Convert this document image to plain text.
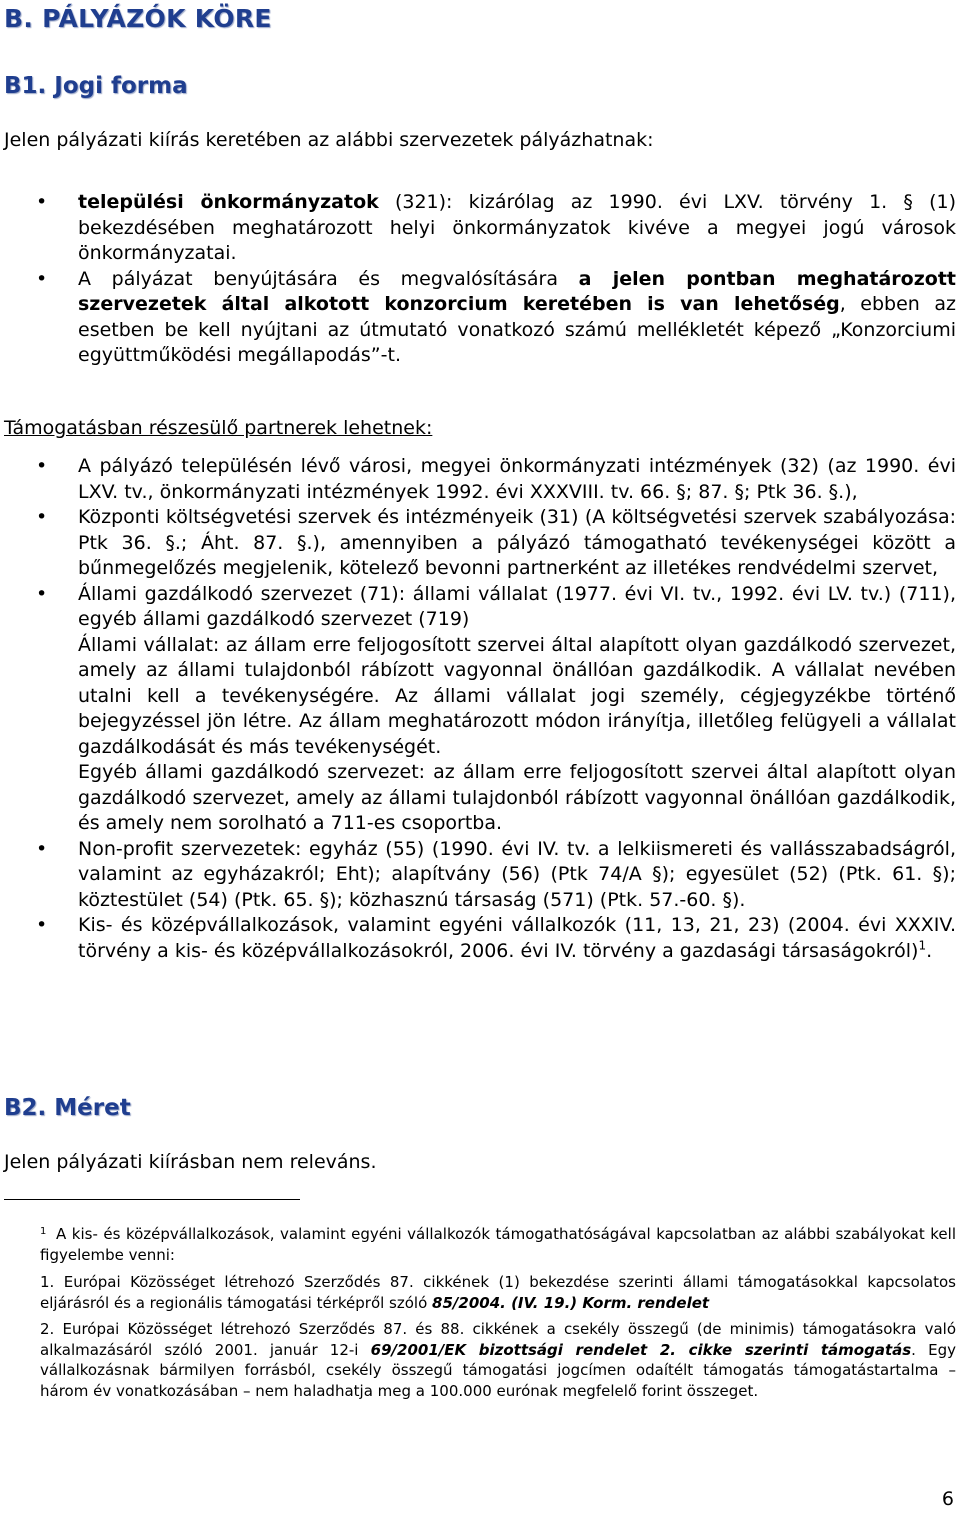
B. PÁLYÁZÓK KÖRE
B1. Jogi forma
Jelen pályázati kiírás keretében az alábbi szervezetek pályázhatnak:
• települési önkormányzatok (321): kizárólag az 1990. évi LXV. törvény 1. § (1) bekezdésében meghatározott helyi önkormányzatok kivéve a megyei jogú városok önkormányzatai.
• A pályázat benyújtására és megvalósítására a jelen pontban meghatározott szervezetek által alkotott konzorcium keretében is van lehetőség, ebben az esetben be kell nyújtani az útmutató vonatkozó számú mellékletét képező „Konzorciumi együttműködési megállapodás”-t.
Támogatásban részesülő partnerek lehetnek:
• A pályázó településén lévő városi, megyei önkormányzati intézmények (32) (az 1990. évi LXV. tv., önkormányzati intézmények 1992. évi XXXVIII. tv. 66. §; 87. §; Ptk 36. §.),
• Központi költségvetési szervek és intézményeik (31) (A költségvetési szervek szabályozása: Ptk 36. §.; Áht. 87. §.), amennyiben a pályázó támogatható tevékenységei között a bűnmegelőzés megjelenik, kötelező bevonni partnerként az illetékes rendvédelmi szervet,
• Állami gazdálkodó szervezet (71): állami vállalat (1977. évi VI. tv., 1992. évi LV. tv.) (711), egyéb állami gazdálkodó szervezet (719)
Állami vállalat: az állam erre feljogosított szervei által alapított olyan gazdálkodó szervezet, amely az állami tulajdonból rábízott vagyonnal önállóan gazdálkodik. A vállalat nevében utalni kell a tevékenységére. Az állami vállalat jogi személy, cégjegyzékbe történő bejegyzéssel jön létre. Az állam meghatározott módon irányítja, illetőleg felügyeli a vállalat gazdálkodását és más tevékenységét.
Egyéb állami gazdálkodó szervezet: az állam erre feljogosított szervei által alapított olyan gazdálkodó szervezet, amely az állami tulajdonból rábízott vagyonnal önállóan gazdálkodik, és amely nem sorolható a 711-es csoportba.
• Non-profit szervezetek: egyház (55) (1990. évi IV. tv. a lelkiismereti és vallásszabadságról, valamint az egyházakról; Eht); alapítvány (56) (Ptk 74/A §); egyesület (52) (Ptk. 61. §); köztestület (54) (Ptk. 65. §); közhasznú társaság (571) (Ptk. 57.-60. §).
• Kis- és középvállalkozások, valamint egyéni vállalkozók (11, 13, 21, 23) (2004. évi XXXIV. törvény a kis- és középvállalkozásokról, 2006. évi IV. törvény a gazdasági társaságokról)$^1$.
B2. Méret
Jelen pályázati kiírásban nem releváns.
1 A kis- és középvállalkozások, valamint egyéni vállalkozók támogathatóságával kapcsolatban az alábbi szabályokat kell figyelembe venni:
1. Európai Közösséget létrehozó Szerződés 87. cikkének (1) bekezdése szerinti állami támogatásokkal kapcsolatos eljárásról és a regionális támogatási térképről szóló 85/2004. (IV. 19.) Korm. rendelet
2. Európai Közösséget létrehozó Szerződés 87. és 88. cikkének a csekély összegű (de minimis) támogatásokra való alkalmazásáról szóló 2001. január 12-i 69/2001/EK bizottsági rendelet 2. cikke szerinti támogatás. Egy vállalkozásnak bármilyen forrásból, csekély összegű támogatási jogcímen odaítélt támogatás támogatástartalma – három év vonatkozásában – nem haladhatja meg a 100.000 eurónak megfelelő forint összeget.
6
